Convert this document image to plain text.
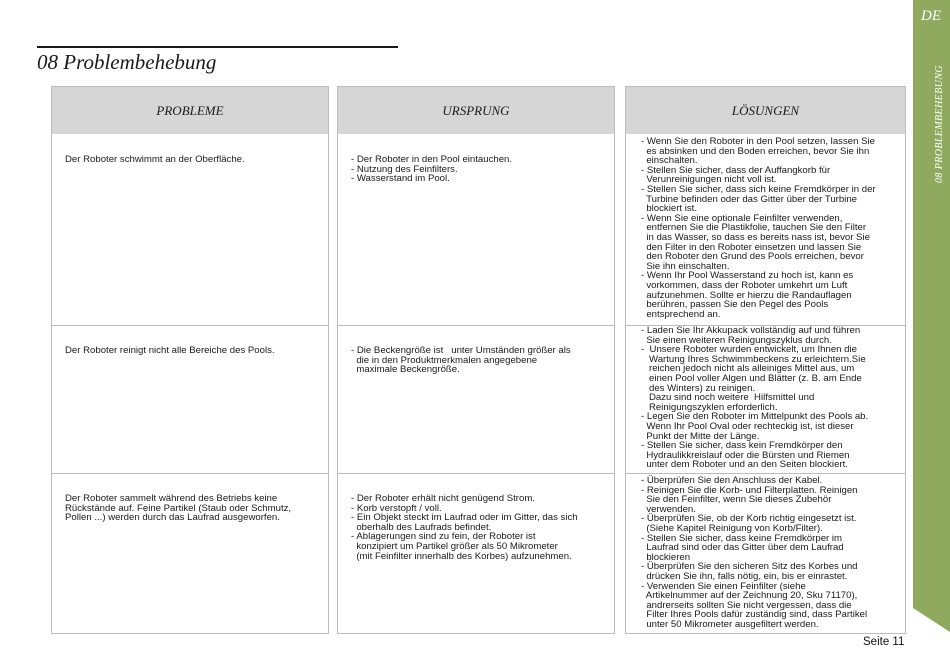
08 Problembehebung
DE
08 PROBLEMBEHEBUNG
PROBLEME
Der Roboter schwimmt an der Oberfläche.
Der Roboter reinigt nicht alle Bereiche des Pools.
Der Roboter sammelt während des Betriebs keine
Rückstände auf. Feine Partikel (Staub oder Schmutz,
Pollen ...) werden durch das Laufrad ausgeworfen.
URSPRUNG
- Der Roboter in den Pool eintauchen.
- Nutzung des Feinfilters.
- Wasserstand im Pool.
- Die Beckengröße ist   unter Umständen größer als
die in den Produktmerkmalen angegebene
maximale Beckengröße.
- Der Roboter erhält nicht genügend Strom.
- Korb verstopft / voll.
- Ein Objekt steckt im Laufrad oder im Gitter, das sich
oberhalb des Laufrads befindet.
- Ablagerungen sind zu fein, der Roboter ist
konzipiert um Partikel größer als 50 Mikrometer
(mit Feinfilter innerhalb des Korbes) aufzunehmen.
LÖSUNGEN
- Wenn Sie den Roboter in den Pool setzen, lassen Sie
es absinken und den Boden erreichen, bevor Sie ihn
einschalten.
- Stellen Sie sicher, dass der Auffangkorb für
Verunreinigungen nicht voll ist.
- Stellen Sie sicher, dass sich keine Fremdkörper in der
Turbine befinden oder das Gitter über der Turbine
blockiert ist.
- Wenn Sie eine optionale Feinfilter verwenden,
entfernen Sie die Plastikfolie, tauchen Sie den Filter
in das Wasser, so dass es bereits nass ist, bevor Sie
den Filter in den Roboter einsetzen und lassen Sie
den Roboter den Grund des Pools erreichen, bevor
Sie ihn einschalten.
- Wenn Ihr Pool Wasserstand zu hoch ist, kann es
vorkommen, dass der Roboter umkehrt um Luft
aufzunehmen. Sollte er hierzu die Randauflagen
berühren, passen Sie den Pegel des Pools
entsprechend an.
- Laden Sie Ihr Akkupack vollständig auf und führen
Sie einen weiteren Reinigungszyklus durch.
-  Unsere Roboter wurden entwickelt, um Ihnen die
Wartung Ihres Schwimmbeckens zu erleichtern.Sie
reichen jedoch nicht als alleiniges Mittel aus, um
einen Pool voller Algen und Blätter (z. B. am Ende
des Winters) zu reinigen.
Dazu sind noch weitere  Hilfsmittel und
Reinigungszyklen erforderlich.
- Legen Sie den Roboter im Mittelpunkt des Pools ab.
Wenn Ihr Pool Oval oder rechteckig ist, ist dieser
Punkt der Mitte der Länge.
- Stellen Sie sicher, dass kein Fremdkörper den
Hydraulikkreislauf oder die Bürsten und Riemen
unter dem Roboter und an den Seiten blockiert.
- Überprüfen Sie den Anschluss der Kabel.
- Reinigen Sie die Korb- und Filterplatten. Reinigen
Sie den Feinfilter, wenn Sie dieses Zubehör
verwenden.
- Überprüfen Sie, ob der Korb richtig eingesetzt ist.
(Siehe Kapitel Reinigung von Korb/Filter).
- Stellen Sie sicher, dass keine Fremdkörper im
Laufrad sind oder das Gitter über dem Laufrad
blockieren
- Überprüfen Sie den sicheren Sitz des Korbes und
drücken Sie ihn, falls nötig, ein, bis er einrastet.
- Verwenden Sie einen Feinfilter (siehe
Artikelnummer auf der Zeichnung 20, Sku 71170),
andrerseits sollten Sie nicht vergessen, dass die
Filter Ihres Pools dafür zuständig sind, dass Partikel
unter 50 Mikrometer ausgefiltert werden.
Seite 11
